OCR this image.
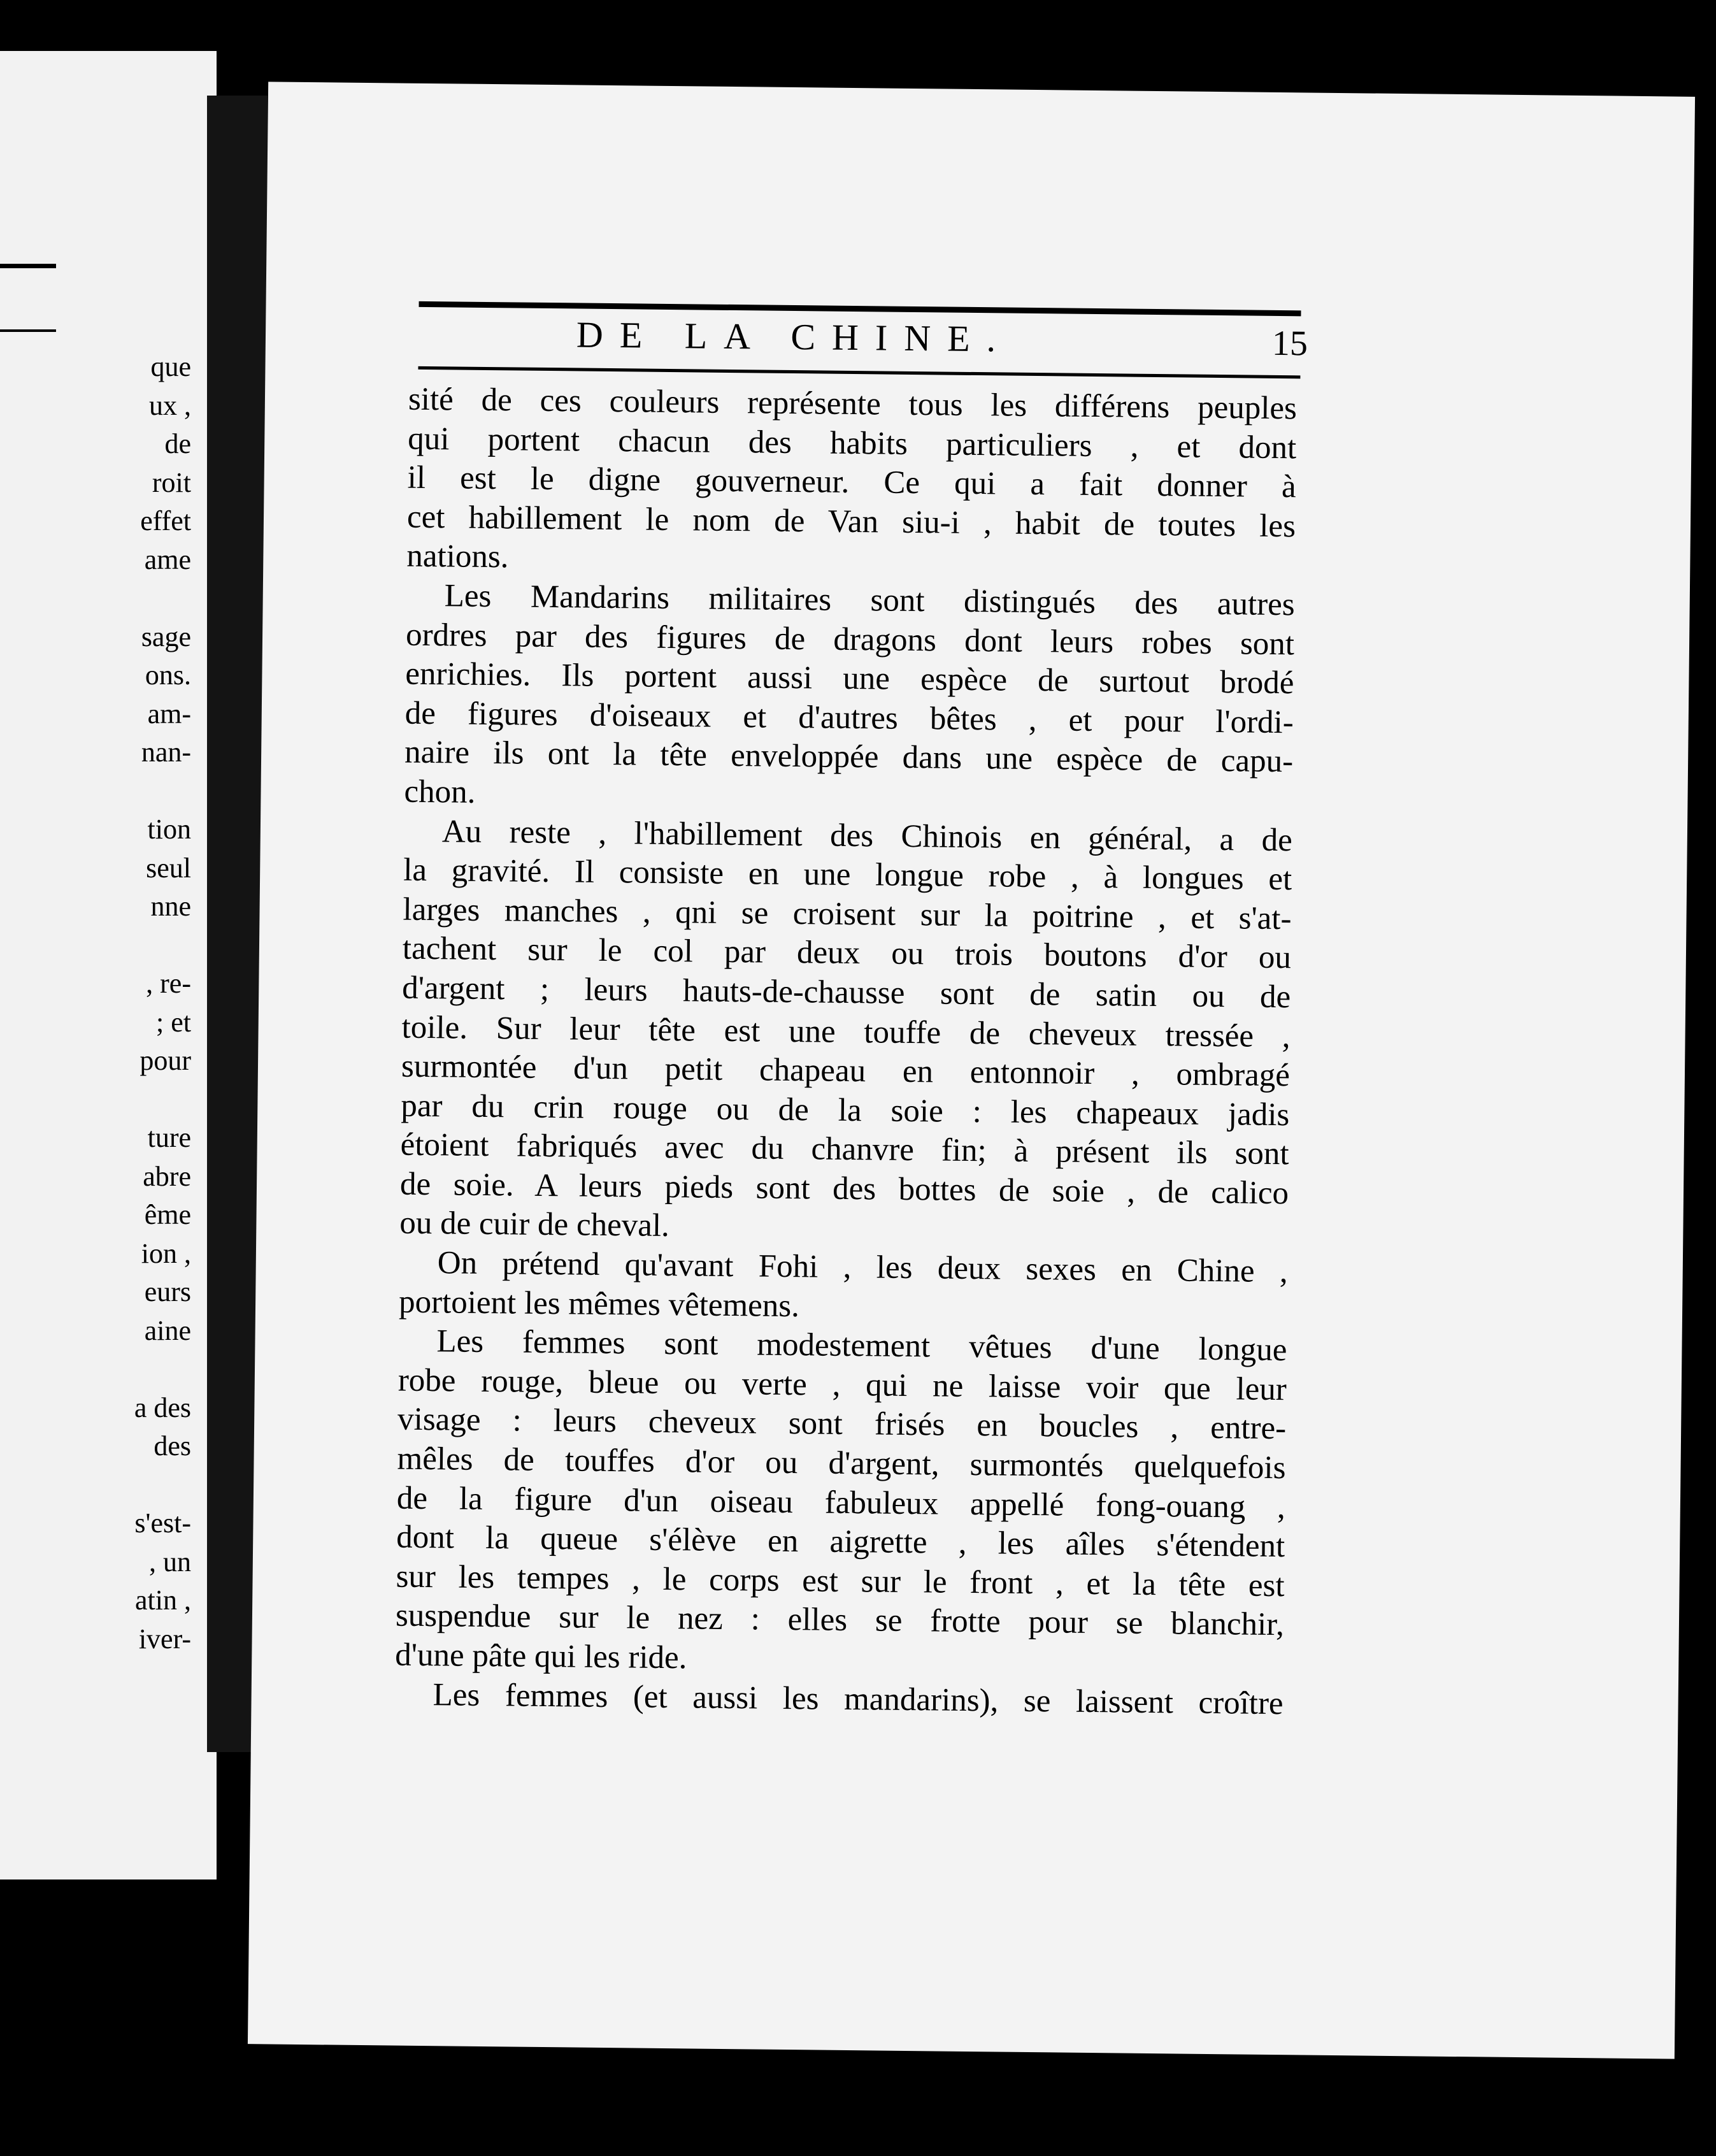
que
ux ,
de
roit
effet
ame
sage
ons.
am-
nan-
tion
seul
nne
, re-
; et
pour
ture
abre
ême
ion ,
eurs
aine
a des
des
s'est-
, un
atin ,
iver-
DE LA CHINE.	15
sité de ces couleurs représente tous les différens peuples
qui portent chacun des habits particuliers , et dont
il est le digne gouverneur. Ce qui a fait donner à
cet habillement le nom de Van siu-i , habit de toutes les
nations.
Les Mandarins militaires sont distingués des autres
ordres par des figures de dragons dont leurs robes sont
enrichies. Ils portent aussi une espèce de surtout brodé
de figures d'oiseaux et d'autres bêtes , et pour l'ordi-
naire ils ont la tête enveloppée dans une espèce de capu-
chon.
Au reste , l'habillement des Chinois en général, a de
la gravité. Il consiste en une longue robe , à longues et
larges manches , qni se croisent sur la poitrine , et s'at-
tachent sur le col par deux ou trois boutons d'or ou
d'argent ; leurs hauts-de-chausse sont de satin ou de
toile. Sur leur tête est une touffe de cheveux tressée ,
surmontée d'un petit chapeau en entonnoir , ombragé
par du crin rouge ou de la soie : les chapeaux jadis
étoient fabriqués avec du chanvre fin; à présent ils sont
de soie. A leurs pieds sont des bottes de soie , de calico
ou de cuir de cheval.
On prétend qu'avant Fohi , les deux sexes en Chine ,
portoient les mêmes vêtemens.
Les femmes sont modestement vêtues d'une longue
robe rouge, bleue ou verte , qui ne laisse voir que leur
visage : leurs cheveux sont frisés en boucles , entre-
mêles de touffes d'or ou d'argent, surmontés quelquefois
de la figure d'un oiseau fabuleux appellé fong-ouang ,
dont la queue s'élève en aigrette , les aîles s'étendent
sur les tempes , le corps est sur le front , et la tête est
suspendue sur le nez : elles se frotte pour se blanchir,
d'une pâte qui les ride.
Les femmes (et aussi les mandarins), se laissent croître
